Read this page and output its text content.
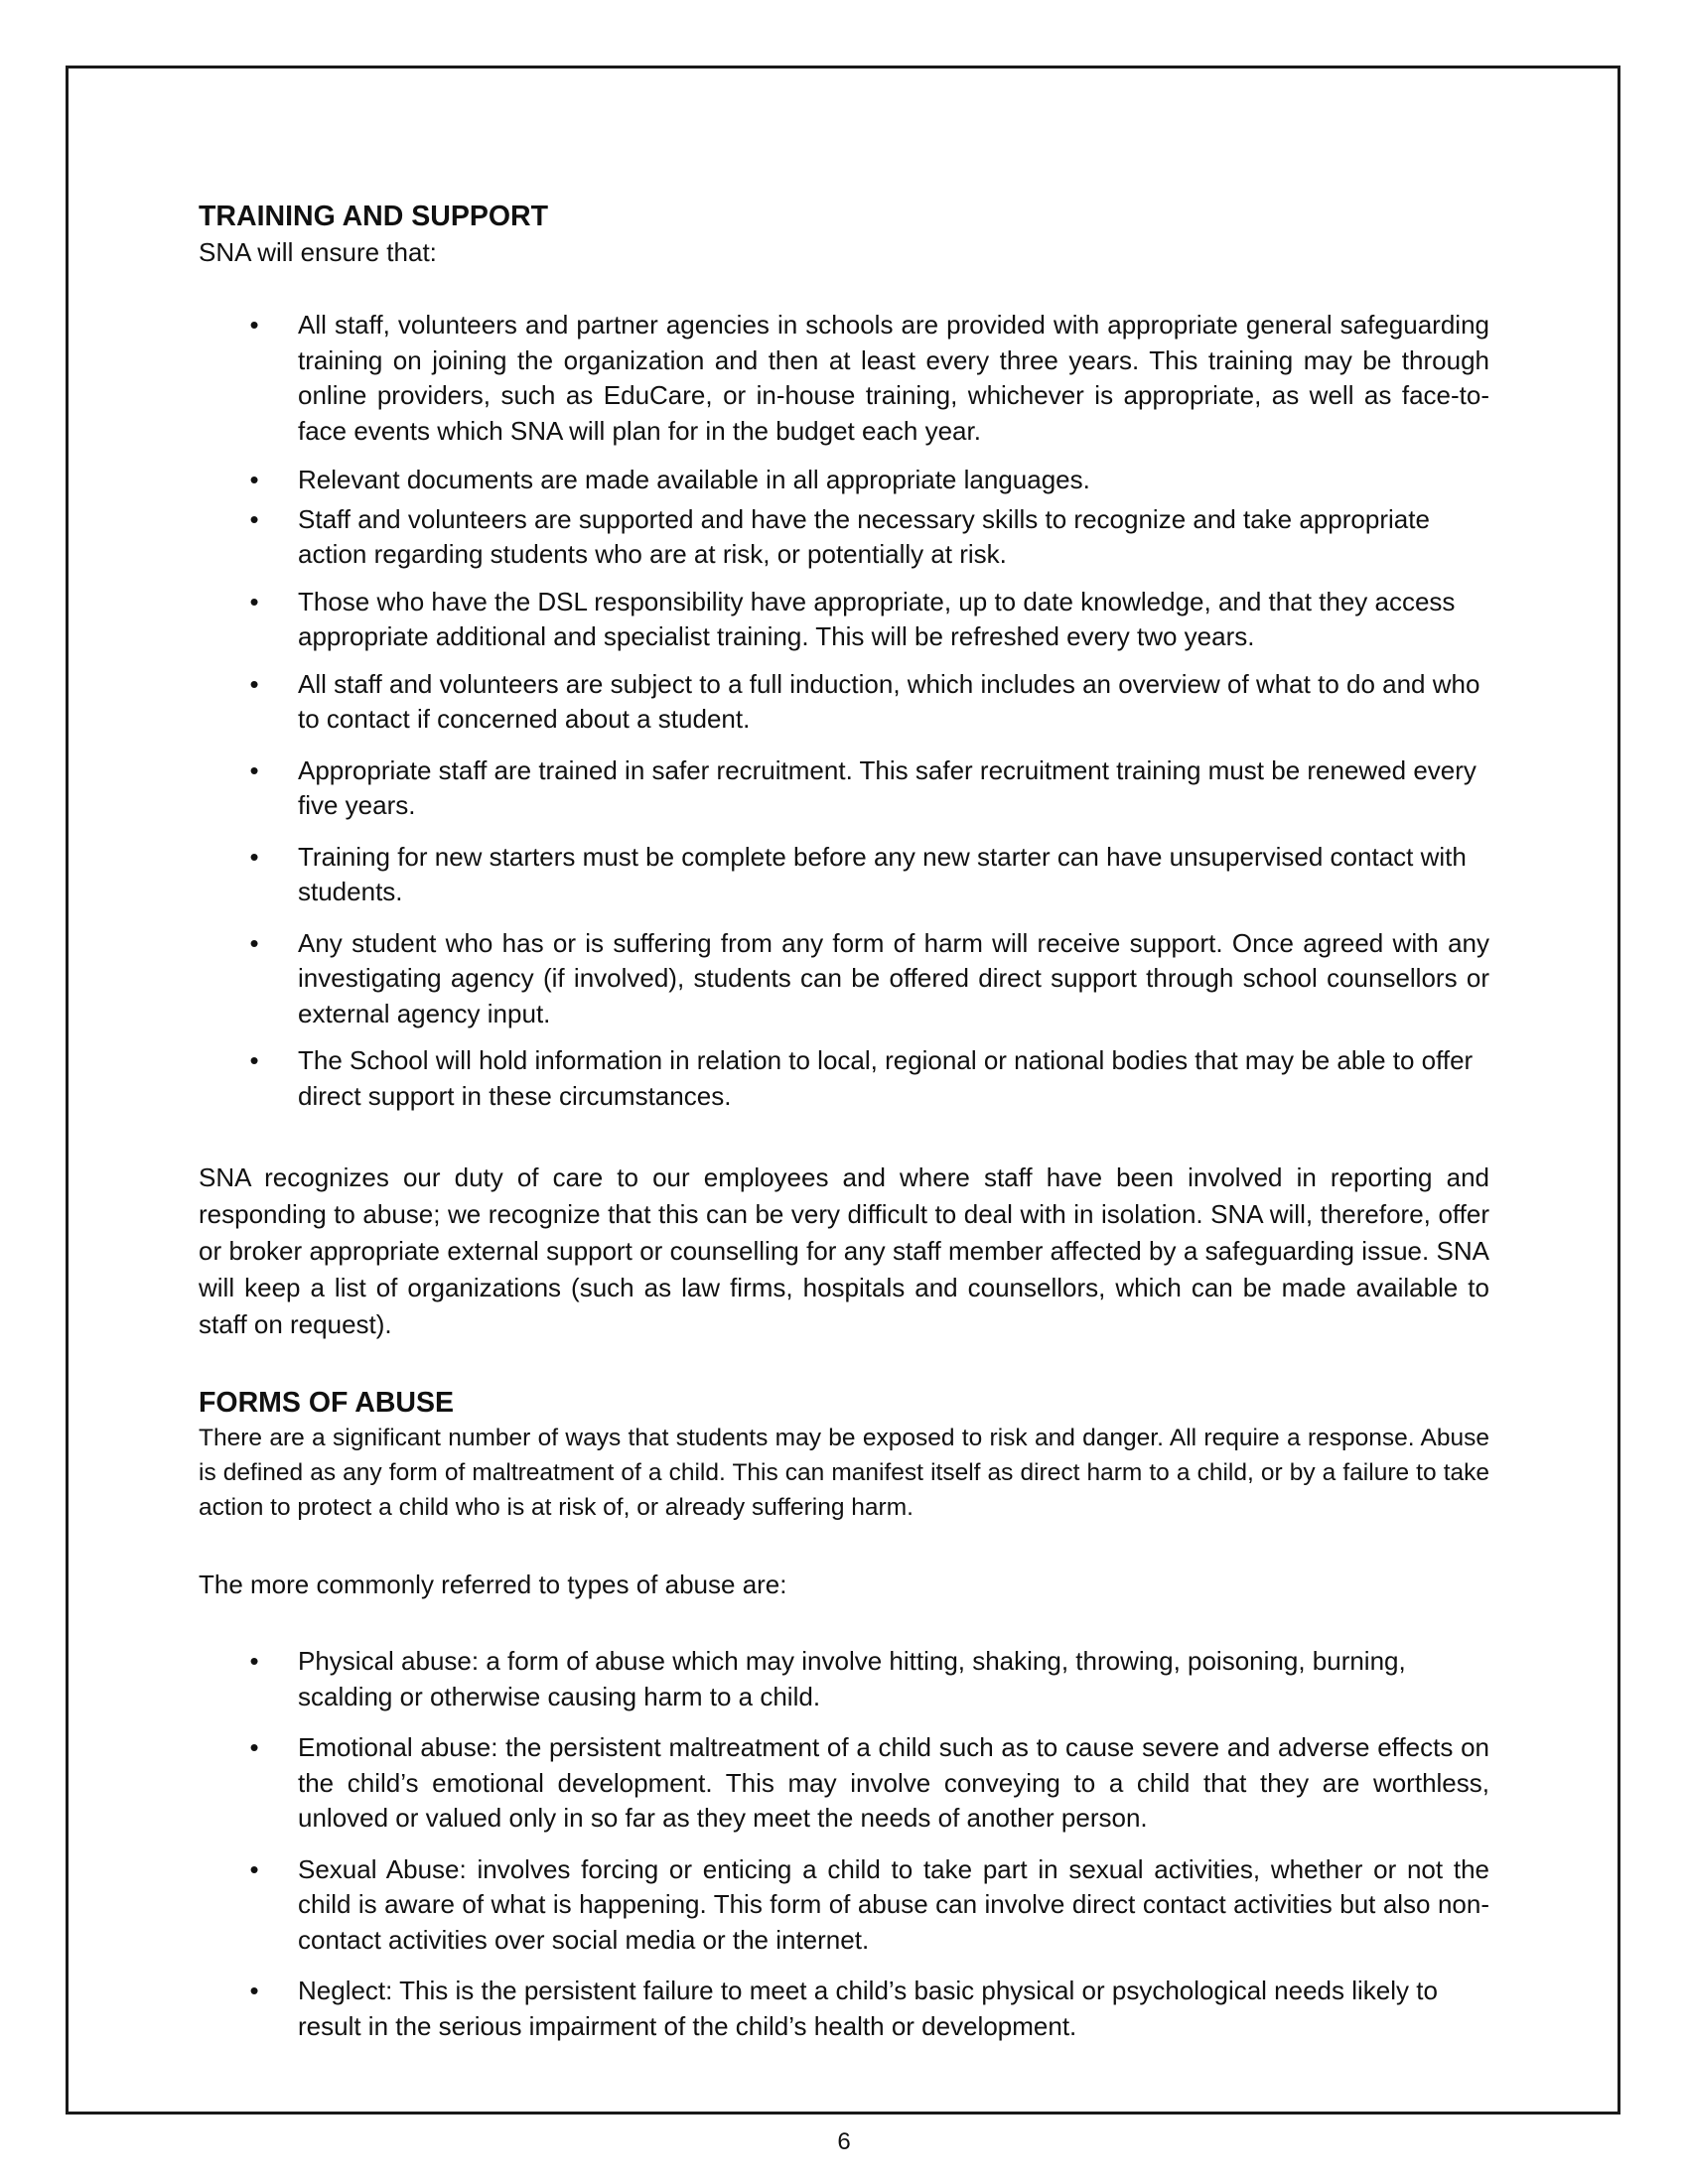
TRAINING AND SUPPORT

SNA will ensure that:

• All staff, volunteers and partner agencies in schools are provided with appropriate general safeguarding training on joining the organization and then at least every three years. This training may be through online providers, such as EduCare, or in-house training, whichever is appropriate, as well as face-to-face events which SNA will plan for in the budget each year.
• Relevant documents are made available in all appropriate languages.
• Staff and volunteers are supported and have the necessary skills to recognize and take appropriate action regarding students who are at risk, or potentially at risk.
• Those who have the DSL responsibility have appropriate, up to date knowledge, and that they access appropriate additional and specialist training. This will be refreshed every two years.
• All staff and volunteers are subject to a full induction, which includes an overview of what to do and who to contact if concerned about a student.
• Appropriate staff are trained in safer recruitment. This safer recruitment training must be renewed every five years.
• Training for new starters must be complete before any new starter can have unsupervised contact with students.
• Any student who has or is suffering from any form of harm will receive support. Once agreed with any investigating agency (if involved), students can be offered direct support through school counsellors or external agency input.
• The School will hold information in relation to local, regional or national bodies that may be able to offer direct support in these circumstances.

SNA recognizes our duty of care to our employees and where staff have been involved in reporting and responding to abuse; we recognize that this can be very difficult to deal with in isolation. SNA will, therefore, offer or broker appropriate external support or counselling for any staff member affected by a safeguarding issue. SNA will keep a list of organizations (such as law firms, hospitals and counsellors, which can be made available to staff on request).

FORMS OF ABUSE

There are a significant number of ways that students may be exposed to risk and danger. All require a response. Abuse is defined as any form of maltreatment of a child. This can manifest itself as direct harm to a child, or by a failure to take action to protect a child who is at risk of, or already suffering harm.

The more commonly referred to types of abuse are:

• Physical abuse: a form of abuse which may involve hitting, shaking, throwing, poisoning, burning, scalding or otherwise causing harm to a child.
• Emotional abuse: the persistent maltreatment of a child such as to cause severe and adverse effects on the child’s emotional development. This may involve conveying to a child that they are worthless, unloved or valued only in so far as they meet the needs of another person.
• Sexual Abuse: involves forcing or enticing a child to take part in sexual activities, whether or not the child is aware of what is happening. This form of abuse can involve direct contact activities but also non-contact activities over social media or the internet.
• Neglect: This is the persistent failure to meet a child’s basic physical or psychological needs likely to result in the serious impairment of the child’s health or development.
6
